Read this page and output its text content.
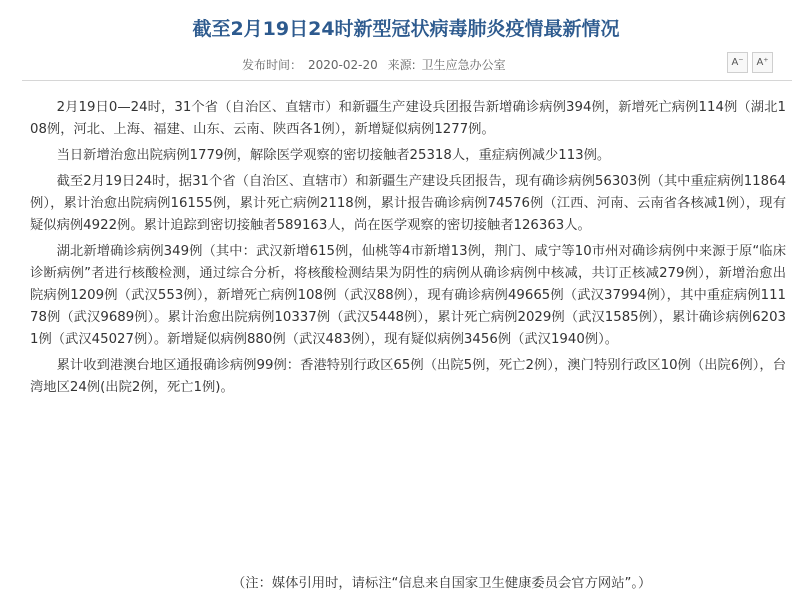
截至2月19日24时新型冠状病毒肺炎疫情最新情况
发布时间： 2020-02-20 来源: 卫生应急办公室	A⁻	A⁺

2月19日0—24时，31个省（自治区、直辖市）和新疆生产建设兵团报告新增确诊病例394例，新增死亡病例114例（湖北108例，河北、上海、福建、山东、云南、陕西各1例），新增疑似病例1277例。

当日新增治愈出院病例1779例，解除医学观察的密切接触者25318人，重症病例减少113例。

截至2月19日24时，据31个省（自治区、直辖市）和新疆生产建设兵团报告，现有确诊病例56303例（其中重症病例11864例），累计治愈出院病例16155例，累计死亡病例2118例，累计报告确诊病例74576例（江西、河南、云南省各核减1例），现有疑似病例4922例。累计追踪到密切接触者589163人，尚在医学观察的密切接触者126363人。

湖北新增确诊病例349例（其中：武汉新增615例，仙桃等4市新增13例，荆门、咸宁等10市州对确诊病例中来源于原“临床诊断病例”者进行核酸检测，通过综合分析，将核酸检测结果为阴性的病例从确诊病例中核减，共订正核减279例），新增治愈出院病例1209例（武汉553例），新增死亡病例108例（武汉88例），现有确诊病例49665例（武汉37994例），其中重症病例11178例（武汉9689例）。累计治愈出院病例10337例（武汉5448例），累计死亡病例2029例（武汉1585例），累计确诊病例62031例（武汉45027例）。新增疑似病例880例（武汉483例），现有疑似病例3456例（武汉1940例）。

累计收到港澳台地区通报确诊病例99例：香港特别行政区65例（出院5例，死亡2例），澳门特别行政区10例（出院6例），台湾地区24例(出院2例，死亡1例)。

（注：媒体引用时，请标注“信息来自国家卫生健康委员会官方网站”。）
